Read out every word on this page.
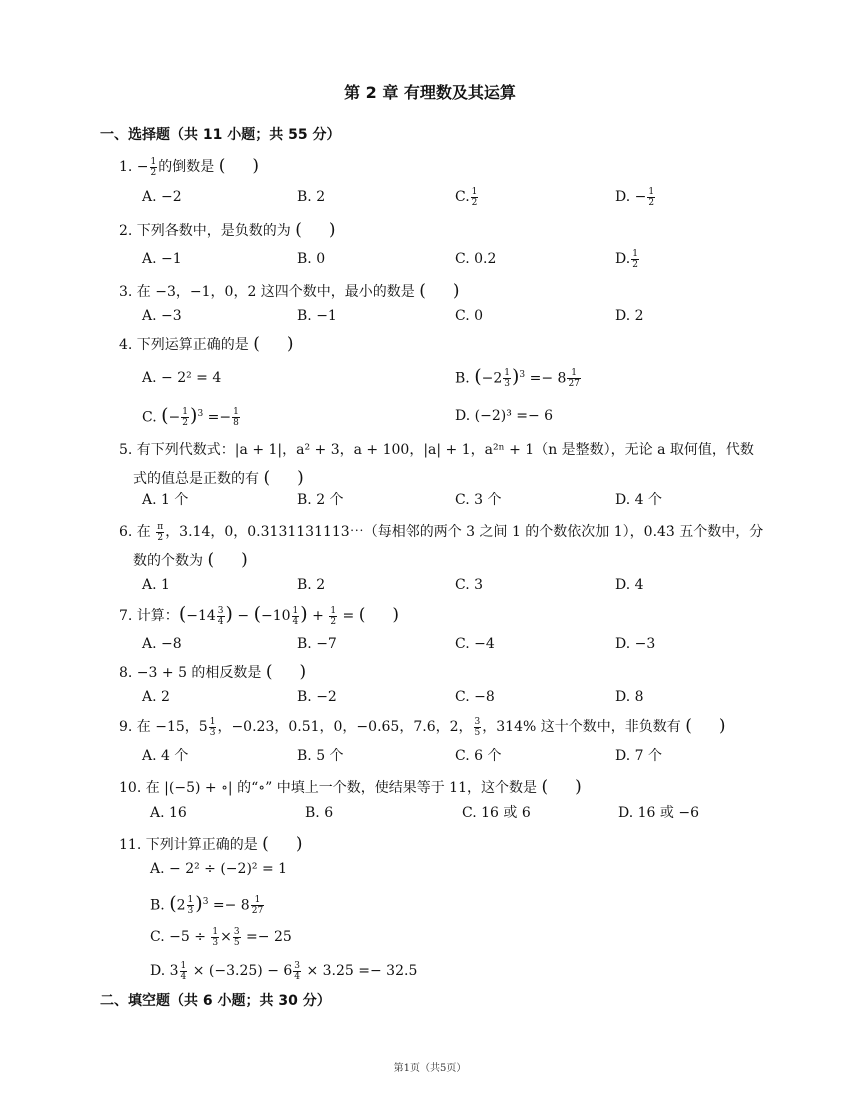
第 2 章 有理数及其运算
一、选择题（共 11 小题；共 55 分）
1. − $\frac{1}{2}$ 的倒数是 (     )
A. −2	B. 2	C. $\frac{1}{2}$	D. − $\frac{1}{2}$
2. 下列各数中，是负数的为 (     )
A. −1	B. 0	C. 0.2	D. $\frac{1}{2}$
3. 在 −3，−1，0，2 这四个数中，最小的数是 (     )
A. −3	B. −1	C. 0	D. 2
4. 下列运算正确的是 (     )
A. − 2² = 4	B. $(-2 \frac{1}{3} )^3 =- 8 \frac{1}{27}$
C. (− $\frac{1}{2} )^3 =- \frac{1}{8}$	D. (−2)³ =− 6
5. 有下列代数式：|a + 1|，a² + 3，a + 100，|a| + 1，a²ⁿ + 1（n 是整数），无论 a 取何值，代数
式的值总是正数的有 (     )
A. 1 个	B. 2 个	C. 3 个	D. 4 个
6. 在 $\frac{\pi}{2}$ ，3.14，0，0.3131131113⋯（每相邻的两个 3 之间 1 的个数依次加 1），0.4̇3̇ 五个数中，分
数的个数为 (     )
A. 1	B. 2	C. 3	D. 4
7. 计算：($-14 \frac{3}{4}$ ) − ($-10 \frac{1}{4}$ ) + $\frac{1}{2}$ = (     )
A. −8	B. −7	C. −4	D. −3
8. −3 + 5 的相反数是 (     )
A. 2	B. −2	C. −8	D. 8
9. 在 −15，$5 \frac{1}{3}$ ，−0.23，0.51，0，−0.65，7.6，2， $\frac{3}{5}$ ，314% 这十个数中，非负数有 (     )
A. 4 个	B. 5 个	C. 6 个	D. 7 个
10. 在 |(−5) + ∘| 的“∘” 中填上一个数，使结果等于 11，这个数是 (     )
A. 16	B. 6	C. 16 或 6	D. 16 或 −6
11. 下列计算正确的是 (     )
A. − 2² ÷ (−2)² = 1
B. $(2 \frac{1}{3} )^3 =- 8 \frac{1}{27}$
C. $-5 \div \frac{1}{3} \times \frac{3}{5} =- 25$
D. $3 \frac{1}{4} \times (-3.25) - 6 \frac{3}{4} \times 3.25 =- 32.5$
二、填空题（共 6 小题；共 30 分）
第1页（共5页）
